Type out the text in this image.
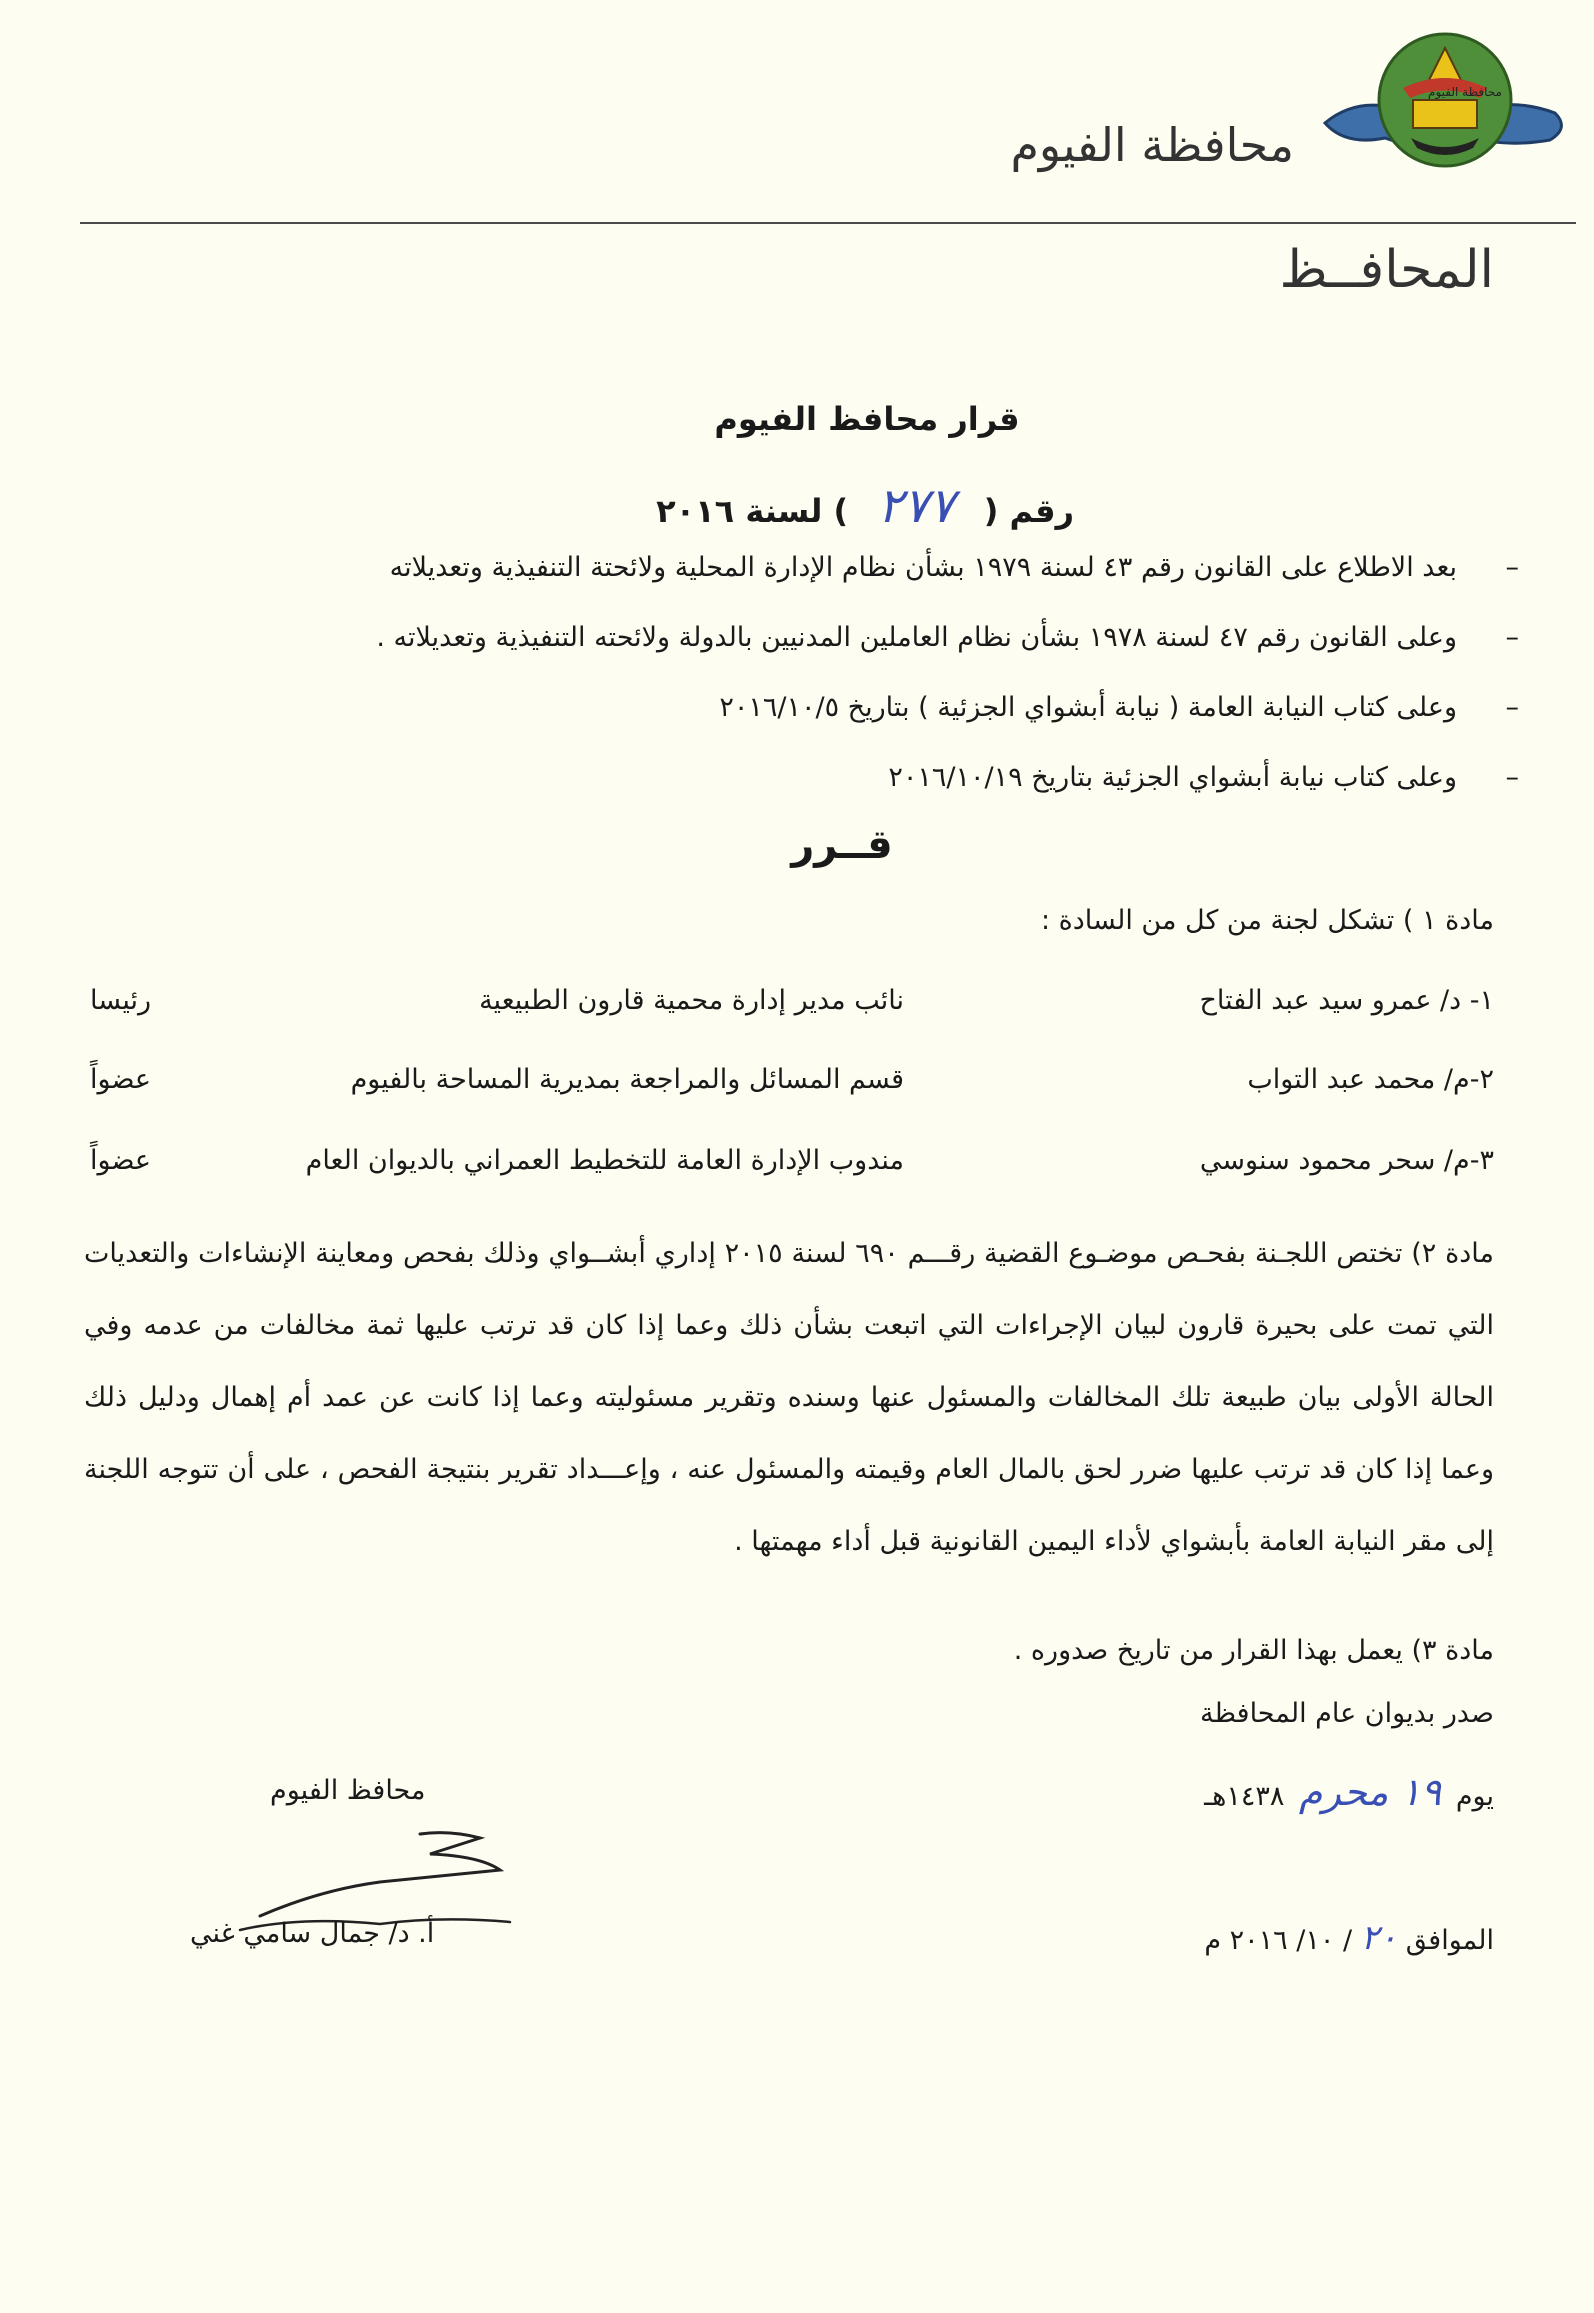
محافظة الفيوم
محافظة الفيوم
المحافــظ
قرار محافظ الفيوم
رقم ( ٢٧٧ ) لسنة ٢٠١٦
–
بعد الاطلاع على القانون رقم ٤٣ لسنة ١٩٧٩ بشأن نظام الإدارة المحلية ولائحتة التنفيذية وتعديلاته
–
وعلى القانون رقم ٤٧ لسنة ١٩٧٨ بشأن نظام العاملين المدنيين بالدولة ولائحته التنفيذية وتعديلاته .
–
وعلى كتاب النيابة العامة ( نيابة أبشواي الجزئية ) بتاريخ ٢٠١٦/١٠/٥
–
وعلى كتاب نيابة أبشواي الجزئية بتاريخ ٢٠١٦/١٠/١٩
قــرر
مادة ١ ) تشكل لجنة من كل من السادة :
١- د/ عمرو سيد عبد الفتاح
نائب مدير إدارة محمية قارون الطبيعية
رئيسا
٢-م/ محمد عبد التواب
قسم المسائل والمراجعة بمديرية المساحة بالفيوم
عضواً
٣-م/ سحر محمود سنوسي
مندوب الإدارة العامة للتخطيط العمراني بالديوان العام
عضواً
مادة ٢) تختص اللجـنة بفحـص موضـوع القضية رقـــم ٦٩٠ لسنة ٢٠١٥ إداري أبشــواي وذلك بفحص ومعاينة الإنشاءات والتعديات التي تمت على بحيرة قارون لبيان الإجراءات التي اتبعت بشأن ذلك وعما إذا كان قد ترتب عليها ثمة مخالفات من عدمه وفي الحالة الأولى بيان طبيعة تلك المخالفات والمسئول عنها وسنده وتقرير مسئوليته وعما إذا كانت عن عمد أم إهمال ودليل ذلك وعما إذا كان قد ترتب عليها ضرر لحق بالمال العام وقيمته والمسئول عنه ، وإعـــداد تقرير بنتيجة الفحص ، على أن تتوجه اللجنة إلى مقر النيابة العامة بأبشواي لأداء اليمين القانونية قبل أداء مهمتها .
مادة ٣) يعمل بهذا القرار من تاريخ صدوره .
صدر بديوان عام المحافظة
يوم ١٩ محرم ١٤٣٨هـ
محافظ الفيوم
أ. د/ جمال سامي غني	الموافق ٢٠ / ١٠/ ٢٠١٦ م
